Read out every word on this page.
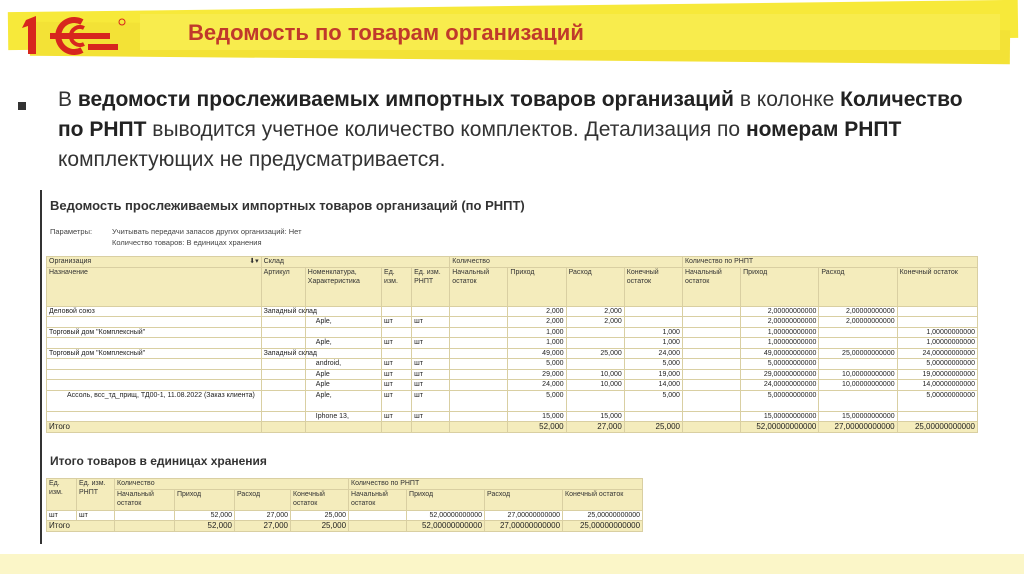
Ведомость по товарам организаций
В ведомости прослеживаемых импортных товаров организаций в колонке Количество по РНПТ выводится учетное количество комплектов. Детализация по номерам РНПТ комплектующих не предусматривается.
Ведомость прослеживаемых импортных товаров организаций (по РНПТ)
Параметры:	Учитывать передачи запасов других организаций: Нет
Количество товаров: В единицах хранения
Организация ⬇▾	Склад				Количество				Количество по РНПТ			
Назначение	Артикул	Номенклатура, Характеристика	Ед. изм.	Ед. изм. РНПТ	Начальный остаток	Приход	Расход	Конечный остаток	Начальный остаток	Приход	Расход	Конечный остаток
Деловой союз	Западный склад					2,000	2,000			2,00000000000	2,00000000000	
		Aple,	шт	шт		2,000	2,000			2,00000000000	2,00000000000	
Торговый дом "Комплексный"						1,000		1,000		1,00000000000		1,00000000000
		Aple,	шт	шт		1,000		1,000		1,00000000000		1,00000000000
Торговый дом "Комплексный"	Западный склад					49,000	25,000	24,000		49,00000000000	25,00000000000	24,00000000000
		android,	шт	шт		5,000		5,000		5,00000000000		5,00000000000
		Aple	шт	шт		29,000	10,000	19,000		29,00000000000	10,00000000000	19,00000000000
		Aple	шт	шт		24,000	10,000	14,000		24,00000000000	10,00000000000	14,00000000000
Ассоль, всс_тд_прищ, ТД00-1, 11.08.2022 (Заказ клиента)		Aple,	шт	шт		5,000		5,000		5,00000000000		5,00000000000
		Iphone 13,	шт	шт		15,000	15,000			15,00000000000	15,00000000000	
Итого						52,000	27,000	25,000		52,00000000000	27,00000000000	25,00000000000
Итого товаров в единицах хранения
Ед. изм.	Ед. изм. РНПТ	Количество				Количество по РНПТ			
		Начальный остаток	Приход	Расход	Конечный остаток	Начальный остаток	Приход	Расход	Конечный остаток
шт	шт		52,000	27,000	25,000		52,00000000000	27,00000000000	25,00000000000
Итого			52,000	27,000	25,000		52,00000000000	27,00000000000	25,00000000000
